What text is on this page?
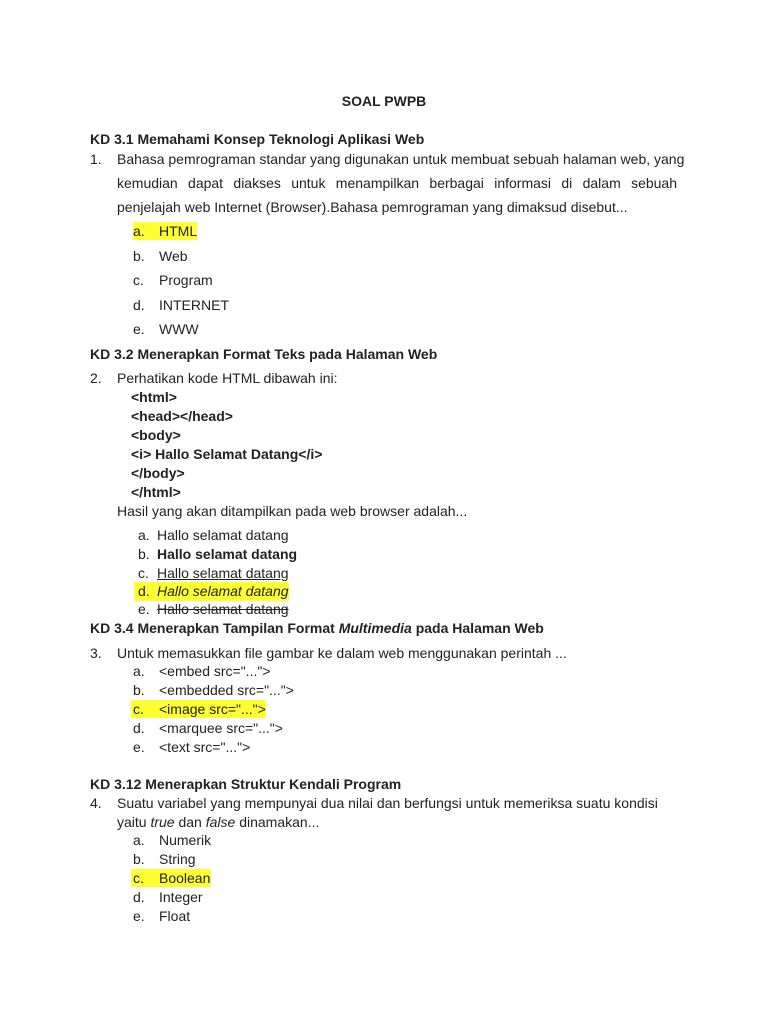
SOAL PWPB
KD 3.1 Memahami Konsep Teknologi Aplikasi Web
1. Bahasa pemrograman standar yang digunakan untuk membuat sebuah halaman web, yang
kemudian dapat diakses untuk menampilkan berbagai informasi di dalam sebuah
penjelajah web Internet (Browser).Bahasa pemrograman yang dimaksud disebut...
a.	HTML
b. Web
c. Program
d. INTERNET
e. WWW
KD 3.2 Menerapkan Format Teks pada Halaman Web
2. Perhatikan kode HTML dibawah ini:
<html>
<head></head>
<body>
<i> Hallo Selamat Datang</i>
</body>
</html>
Hasil yang akan ditampilkan pada web browser adalah...
a. Hallo selamat datang
b. Hallo selamat datang
c. Hallo selamat datang
d. Hallo selamat datang
e. Hallo selamat datang
KD 3.4 Menerapkan Tampilan Format Multimedia pada Halaman Web
3. Untuk memasukkan file gambar ke dalam web menggunakan perintah ...
a. <embed src="...">
b. <embedded src="...">
c. <image src="...">
d. <marquee src="...">
e. <text src="...">
KD 3.12 Menerapkan Struktur Kendali Program
4. Suatu variabel yang mempunyai dua nilai dan berfungsi untuk memeriksa suatu kondisi
yaitu true dan false dinamakan...
a. Numerik
b. String
c. Boolean
d. Integer
e. Float
